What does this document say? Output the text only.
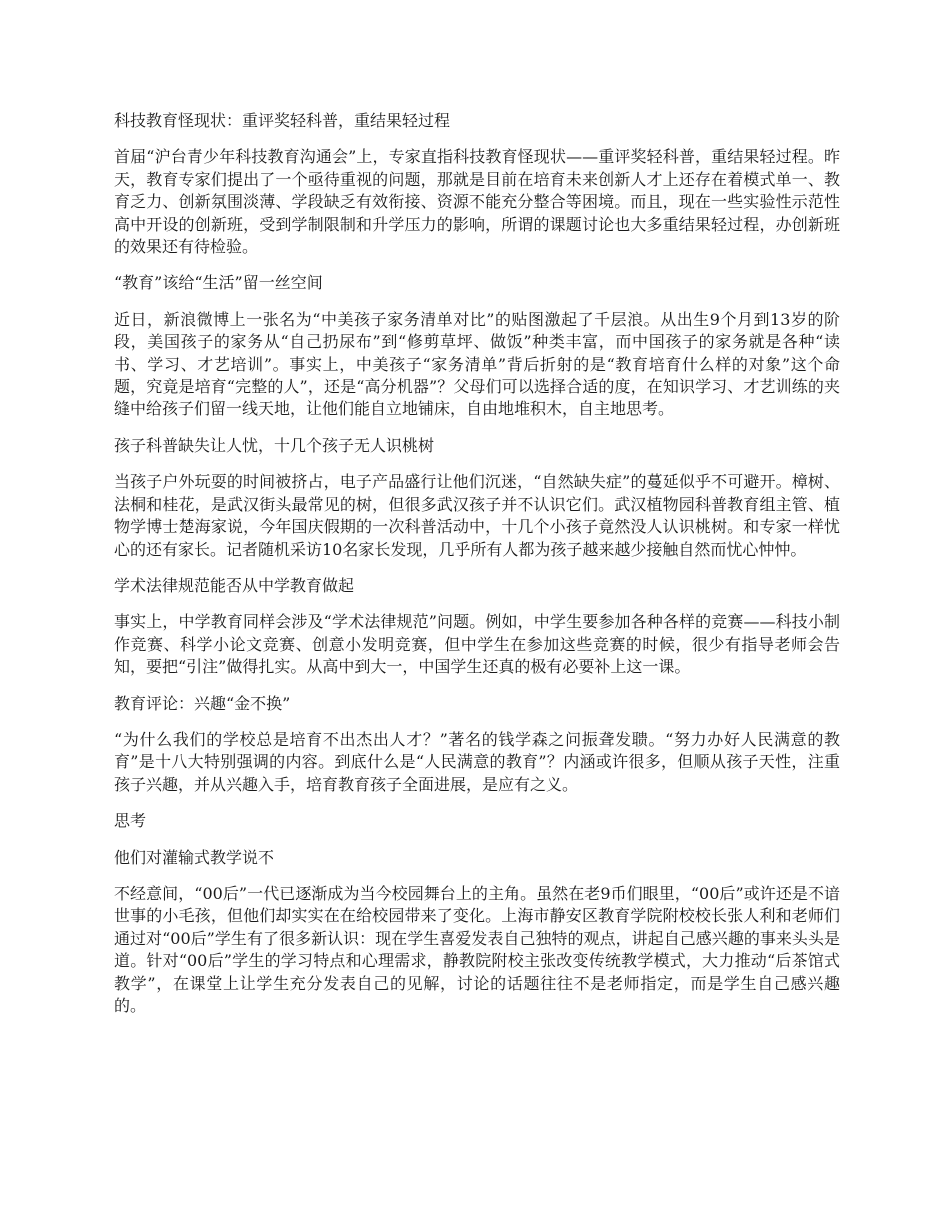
科技教育怪现状：重评奖轻科普，重结果轻过程
首届“沪台青少年科技教育沟通会”上，专家直指科技教育怪现状——重评奖轻科普，重结果轻过程。昨天，教育专家们提出了一个亟待重视的问题，那就是目前在培育未来创新人才上还存在着模式单一、教育乏力、创新氛围淡薄、学段缺乏有效衔接、资源不能充分整合等困境。而且，现在一些实验性示范性高中开设的创新班，受到学制限制和升学压力的影响，所谓的课题讨论也大多重结果轻过程，办创新班的效果还有待检验。
“教育”该给“生活”留一丝空间
近日，新浪微博上一张名为“中美孩子家务清单对比”的贴图激起了千层浪。从出生9个月到13岁的阶段，美国孩子的家务从“自己扔尿布”到“修剪草坪、做饭”种类丰富，而中国孩子的家务就是各种“读书、学习、才艺培训”。事实上，中美孩子“家务清单”背后折射的是“教育培育什么样的对象”这个命题，究竟是培育“完整的人”，还是“高分机器”？父母们可以选择合适的度，在知识学习、才艺训练的夹缝中给孩子们留一线天地，让他们能自立地铺床，自由地堆积木，自主地思考。
孩子科普缺失让人忧，十几个孩子无人识桃树
当孩子户外玩耍的时间被挤占，电子产品盛行让他们沉迷，“自然缺失症”的蔓延似乎不可避开。樟树、法桐和桂花，是武汉街头最常见的树，但很多武汉孩子并不认识它们。武汉植物园科普教育组主管、植物学博士楚海家说，今年国庆假期的一次科普活动中，十几个小孩子竟然没人认识桃树。和专家一样忧心的还有家长。记者随机采访10名家长发现，几乎所有人都为孩子越来越少接触自然而忧心忡忡。
学术法律规范能否从中学教育做起
事实上，中学教育同样会涉及“学术法律规范”问题。例如，中学生要参加各种各样的竞赛——科技小制作竞赛、科学小论文竞赛、创意小发明竞赛，但中学生在参加这些竞赛的时候，很少有指导老师会告知，要把“引注”做得扎实。从高中到大一，中国学生还真的极有必要补上这一课。
教育评论：兴趣“金不换”
“为什么我们的学校总是培育不出杰出人才？”著名的钱学森之问振聋发聩。“努力办好人民满意的教育”是十八大特别强调的内容。到底什么是“人民满意的教育”？内涵或许很多，但顺从孩子天性，注重孩子兴趣，并从兴趣入手，培育教育孩子全面进展，是应有之义。
思考
他们对灌输式教学说不
不经意间，“00后”一代已逐渐成为当今校园舞台上的主角。虽然在老9币们眼里，“00后”或许还是不谙世事的小毛孩，但他们却实实在在给校园带来了变化。上海市静安区教育学院附校校长张人利和老师们通过对“00后”学生有了很多新认识：现在学生喜爱发表自己独特的观点，讲起自己感兴趣的事来头头是道。针对“00后”学生的学习特点和心理需求，静教院附校主张改变传统教学模式，大力推动“后茶馆式教学”，在课堂上让学生充分发表自己的见解，讨论的话题往往不是老师指定，而是学生自己感兴趣的。
